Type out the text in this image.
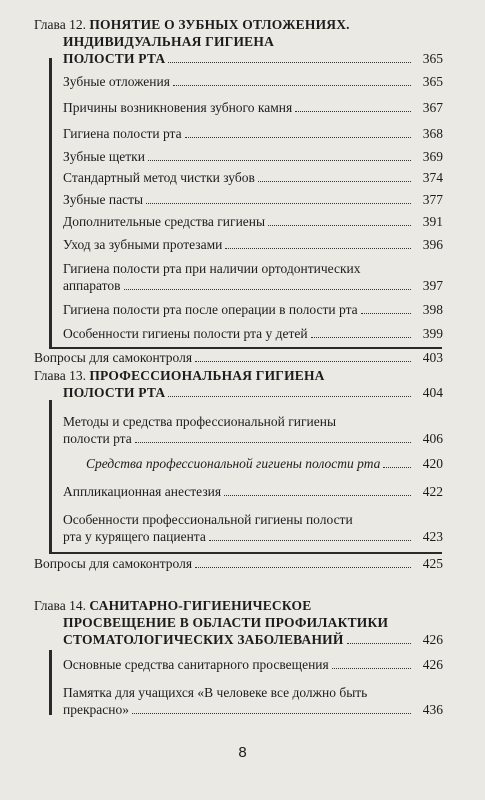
Глава 12. ПОНЯТИЕ О ЗУБНЫХ ОТЛОЖЕНИЯХ.
ИНДИВИДУАЛЬНАЯ ГИГИЕНА
ПОЛОСТИ РТА	365
Зубные отложения	365
Причины возникновения зубного камня	367
Гигиена полости рта	368
Зубные щетки	369
Стандартный метод чистки зубов	374
Зубные пасты	377
Дополнительные средства гигиены	391
Уход за зубными протезами	396
Гигиена полости рта при наличии ортодонтических
аппаратов	397
Гигиена полости рта после операции в полости рта	398
Особенности гигиены полости рта у детей	399
Вопросы для самоконтроля	403
Глава 13. ПРОФЕССИОНАЛЬНАЯ ГИГИЕНА
ПОЛОСТИ РТА	404
Методы и средства профессиональной гигиены
полости рта	406
Средства профессиональной гигиены полости рта	420
Аппликационная анестезия	422
Особенности профессиональной гигиены полости
рта у курящего пациента	423
Вопросы для самоконтроля	425
Глава 14. САНИТАРНО-ГИГИЕНИЧЕСКОЕ
ПРОСВЕЩЕНИЕ В ОБЛАСТИ ПРОФИЛАКТИКИ
СТОМАТОЛОГИЧЕСКИХ ЗАБОЛЕВАНИЙ	426
Основные средства санитарного просвещения	426
Памятка для учащихся «В человеке все должно быть
прекрасно»	436
8
